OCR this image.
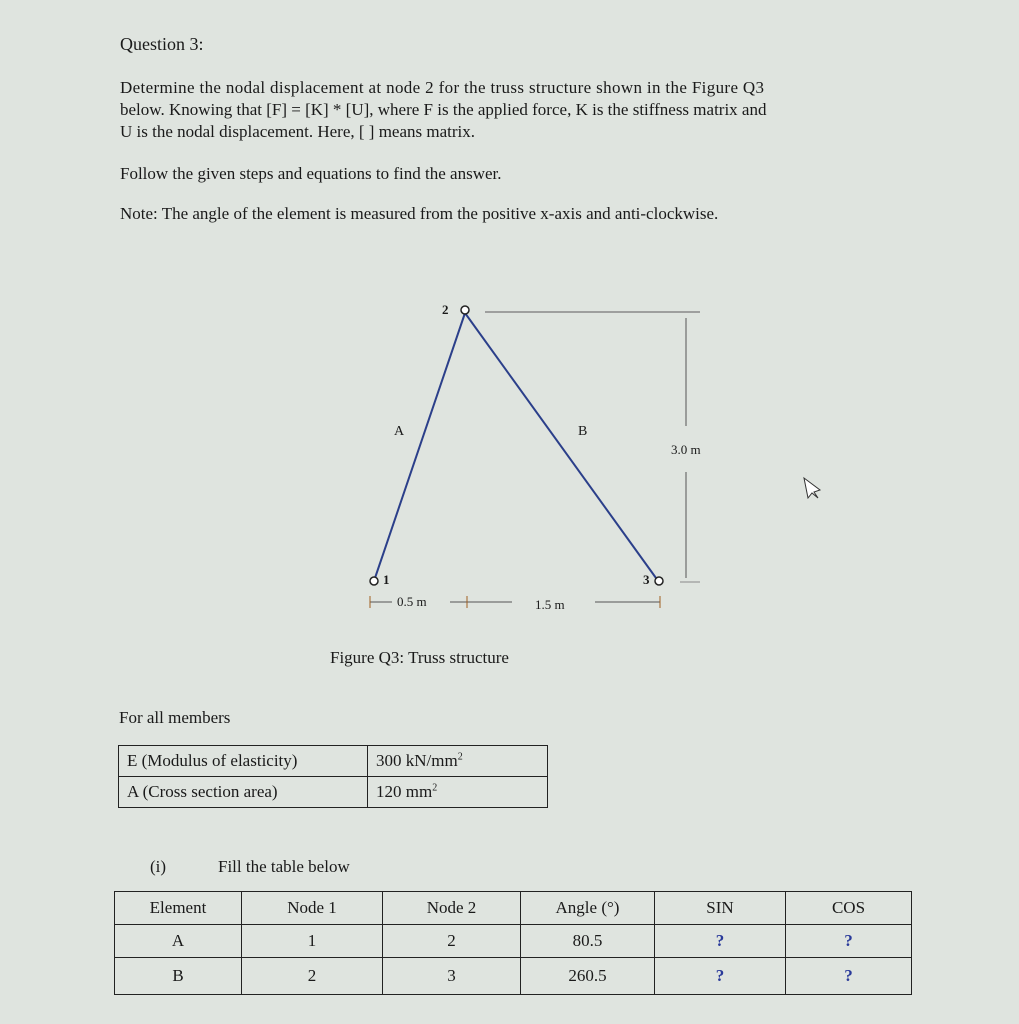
Question 3:
Determine the nodal displacement at node 2 for the truss structure shown in the Figure Q3
below. Knowing that [F] = [K] * [U], where F is the applied force, K is the stiffness matrix and
U is the nodal displacement. Here, [ ] means matrix.
Follow the given steps and equations to find the answer.
Note: The angle of the element is measured from the positive x-axis and anti-clockwise.
2
1	3
A	B
3.0 m
0.5 m	1.5 m
Figure Q3: Truss structure
For all members
E (Modulus of elasticity)	300 $kN/mm^2$
A (Cross section area)	120 $mm^2$
(i)	Fill the table below
Element	Node 1	Node 2	Angle (°)	SIN	COS
A	1	2	80.5	?	?
B	2	3	260.5	?	?
